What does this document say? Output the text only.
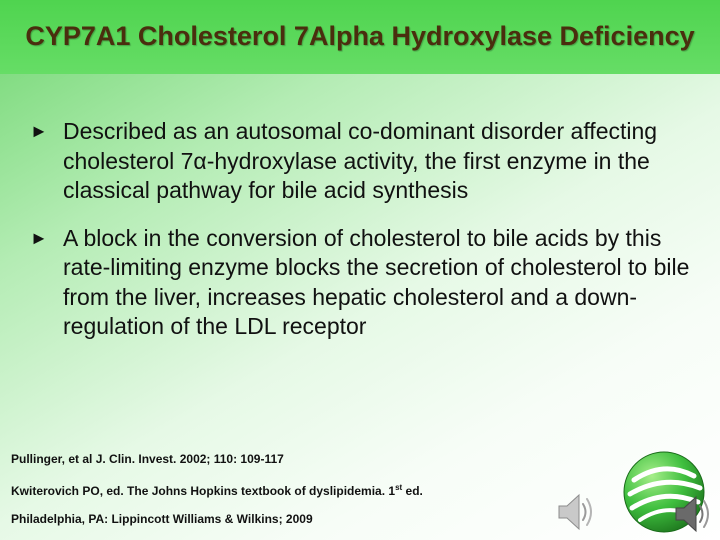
CYP7A1 Cholesterol 7Alpha Hydroxylase Deficiency
► Described as an autosomal co-dominant disorder affecting cholesterol 7α-hydroxylase activity, the first enzyme in the classical pathway for bile acid synthesis
► A block in the conversion of cholesterol to bile acids by this rate-limiting enzyme blocks the secretion of cholesterol to bile from the liver, increases hepatic cholesterol and a down-regulation of the LDL receptor
Pullinger, et al J. Clin. Invest. 2002; 110: 109-117
Kwiterovich PO, ed. The Johns Hopkins textbook of dyslipidemia. 1st ed.
Philadelphia, PA: Lippincott Williams & Wilkins; 2009
